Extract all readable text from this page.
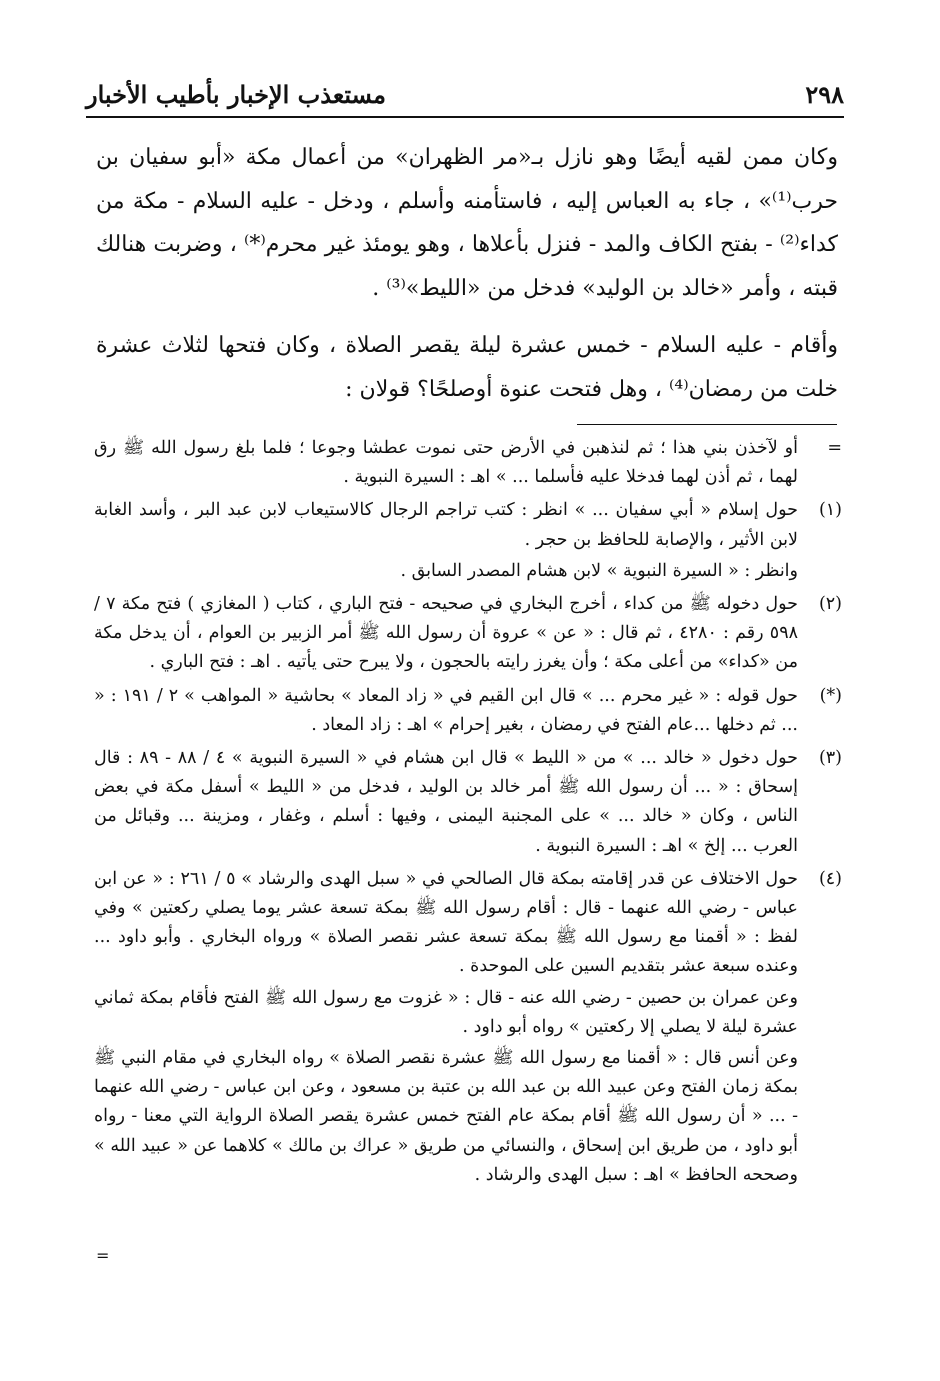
٢٩٨
مستعذب الإخبار بأطيب الأخبار

وكان ممن لقيه أيضًا وهو نازل بـ«مر الظهران» من أعمال مكة «أبو سفيان بن حرب⁽¹⁾» ، جاء به العباس إليه ، فاستأمنه وأسلم ، ودخل - عليه السلام - مكة من كداء⁽²⁾ - بفتح الكاف والمد - فنزل بأعلاها ، وهو يومئذ غير محرم⁽*⁾ ، وضربت هنالك قبته ، وأمر «خالد بن الوليد» فدخل من «الليط»⁽³⁾ .

وأقام - عليه السلام - خمس عشرة ليلة يقصر الصلاة ، وكان فتحها لثلاث عشرة خلت من رمضان⁽⁴⁾ ، وهل فتحت عنوة أوصلحًا؟ قولان :

=

أو لآخذن بني هذا ؛ ثم لنذهبن في الأرض حتى نموت عطشا وجوعا ؛ فلما بلغ رسول الله ﷺ رق لهما ، ثم أذن لهما فدخلا عليه فأسلما ... » اهـ : السيرة النبوية .

(١)

حول إسلام « أبي سفيان ... » انظر : كتب تراجم الرجال كالاستيعاب لابن عبد البر ، وأسد الغابة لابن الأثير ، والإصابة للحافظ بن حجر .

وانظر : « السيرة النبوية » لابن هشام المصدر السابق .

(٢)

حول دخوله ﷺ من كداء ، أخرج البخاري في صحيحه - فتح الباري ، كتاب ( المغازي ) فتح مكة ٧ / ٥٩٨ رقم : ٤٢٨٠ ، ثم قال : « عن » عروة أن رسول الله ﷺ أمر الزبير بن العوام ، أن يدخل مكة من «كداء» من أعلى مكة ؛ وأن يغرز رايته بالحجون ، ولا يبرح حتى يأتيه . اهـ : فتح الباري .

(*)

حول قوله : « غير محرم ... » قال ابن القيم في « زاد المعاد » بحاشية « المواهب » ٢ / ١٩١ : « ... ثم دخلها ...عام الفتح في رمضان ، بغير إحرام » اهـ : زاد المعاد .

(٣)

حول دخول « خالد ... » من « الليط » قال ابن هشام في « السيرة النبوية » ٤ / ٨٨ - ٨٩ : قال إسحاق : « ... أن رسول الله ﷺ أمر خالد بن الوليد ، فدخل من « الليط » أسفل مكة في بعض الناس ، وكان « خالد ... » على المجنبة اليمنى ، وفيها : أسلم ، وغفار ، ومزينة ... وقبائل من العرب ... إلخ » اهـ : السيرة النبوية .

(٤)

حول الاختلاف عن قدر إقامته بمكة قال الصالحي في « سبل الهدى والرشاد » ٥ / ٢٦١ : « عن ابن عباس - رضي الله عنهما - قال : أقام رسول الله ﷺ بمكة تسعة عشر يوما يصلي ركعتين » وفي لفظ : « أقمنا مع رسول الله ﷺ بمكة تسعة عشر نقصر الصلاة » ورواه البخاري . وأبو داود ... وعنده سبعة عشر بتقديم السين على الموحدة .

وعن عمران بن حصين - رضي الله عنه - قال : « غزوت مع رسول الله ﷺ الفتح فأقام بمكة ثماني عشرة ليلة لا يصلي إلا ركعتين » رواه أبو داود .

وعن أنس قال : « أقمنا مع رسول الله ﷺ عشرة نقصر الصلاة » رواه البخاري في مقام النبي ﷺ بمكة زمان الفتح وعن عبيد الله بن عبد الله بن عتبة بن مسعود ، وعن ابن عباس - رضي الله عنهما - ... « أن رسول الله ﷺ أقام بمكة عام الفتح خمس عشرة يقصر الصلاة الرواية التي معنا - رواه أبو داود ، من طريق ابن إسحاق ، والنسائي من طريق « عراك بن مالك » كلاهما عن « عبيد الله » وصححه الحافظ » اهـ : سبل الهدى والرشاد .

=
